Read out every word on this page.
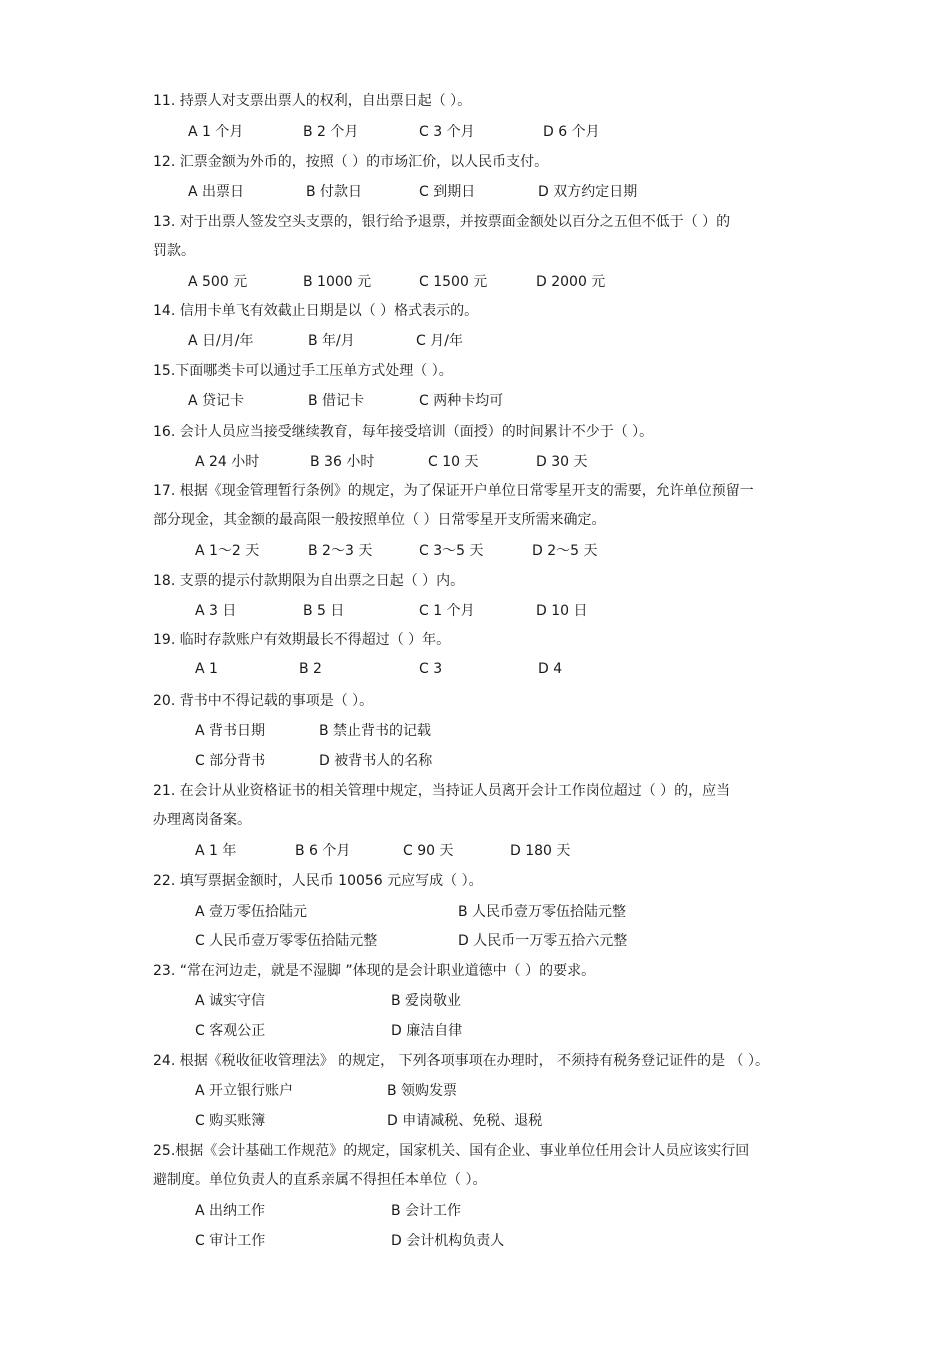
11. 持票人对支票出票人的权利，自出票日起（ ）。
A 1 个月	B 2 个月	C 3 个月	D 6 个月
12. 汇票金额为外币的，按照（ ）的市场汇价，以人民币支付。
A 出票日	B 付款日	C 到期日	D 双方约定日期
13. 对于出票人签发空头支票的，银行给予退票，并按票面金额处以百分之五但不低于（ ）的
罚款。
A 500 元	B 1000 元	C 1500 元	D 2000 元
14. 信用卡单飞有效截止日期是以（ ）格式表示的。
A 日/月/年	B 年/月	C 月/年
15.下面哪类卡可以通过手工压单方式处理（ ）。
A 贷记卡	B 借记卡	C 两种卡均可
16. 会计人员应当接受继续教育，每年接受培训（面授）的时间累计不少于（ ）。
A 24 小时	B 36 小时	C 10 天	D 30 天
17. 根据《现金管理暂行条例》的规定，为了保证开户单位日常零星开支的需要，允许单位预留一
部分现金，其金额的最高限一般按照单位（ ）日常零星开支所需来确定。
A 1～2 天	B 2～3 天	C 3～5 天	D 2～5 天
18. 支票的提示付款期限为自出票之日起（ ）内。
A 3 日	B 5 日	C 1 个月	D 10 日
19. 临时存款账户有效期最长不得超过（ ）年。
A 1	B 2	C 3	D 4
20. 背书中不得记载的事项是（ ）。
A 背书日期	B 禁止背书的记载
C 部分背书	D 被背书人的名称
21. 在会计从业资格证书的相关管理中规定，当持证人员离开会计工作岗位超过（ ）的，应当
办理离岗备案。
A 1 年	B 6 个月	C 90 天	D 180 天
22. 填写票据金额时，人民币 10056 元应写成（ ）。
A 壹万零伍拾陆元	B 人民币壹万零伍拾陆元整
C 人民币壹万零零伍拾陆元整	D 人民币一万零五拾六元整
23. “常在河边走，就是不湿脚 ”体现的是会计职业道德中（ ）的要求。
A 诚实守信	B 爱岗敬业
C 客观公正	D 廉洁自律
24. 根据《税收征收管理法》 的规定， 下列各项事项在办理时， 不须持有税务登记证件的是 （ ）。
A 开立银行账户	B 领购发票
C 购买账簿	D 申请减税、免税、退税
25.根据《会计基础工作规范》的规定，国家机关、国有企业、事业单位任用会计人员应该实行回
避制度。单位负责人的直系亲属不得担任本单位（ ）。
A 出纳工作	B 会计工作
C 审计工作	D 会计机构负责人
